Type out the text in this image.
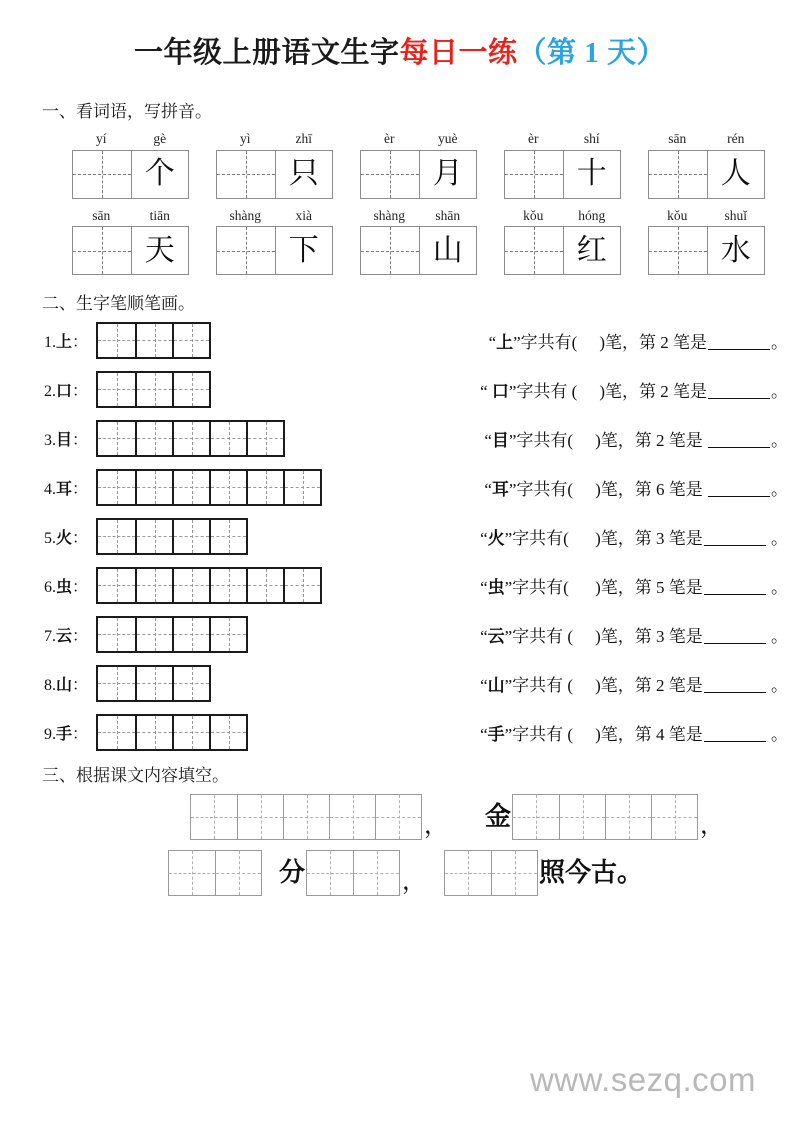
一年级上册语文生字每日一练（第 1 天）
一、看词语，写拼音。
yí	gè
个
yì	zhī
只
èr	yuè
月
èr	shí
十
sān	rén
人
sān	tiān
天
shàng	xià
下
shàng	shān
山
kǒu	hóng
红
kǒu	shuǐ
水
二、生字笔顺笔画。
1.上：	“上”字共有( )笔，第 2 笔是	。
2.口：	“ 口”字共有 ( )笔，第 2 笔是	。
3.目：	“目”字共有( )笔，第 2 笔是	。
4.耳：	“耳”字共有( )笔，第 6 笔是	。
5.火：	“火”字共有( )笔，第 3 笔是	。
6.虫：	“虫”字共有( )笔，第 5 笔是	。
7.云：	“云”字共有 ( )笔，第 3 笔是	。
8.山：	“山”字共有 ( )笔，第 2 笔是	。
9.手：	“手”字共有 ( )笔，第 4 笔是	。
三、根据课文内容填空。
， 金	，
分	，	照今古。
www.sezq.com
